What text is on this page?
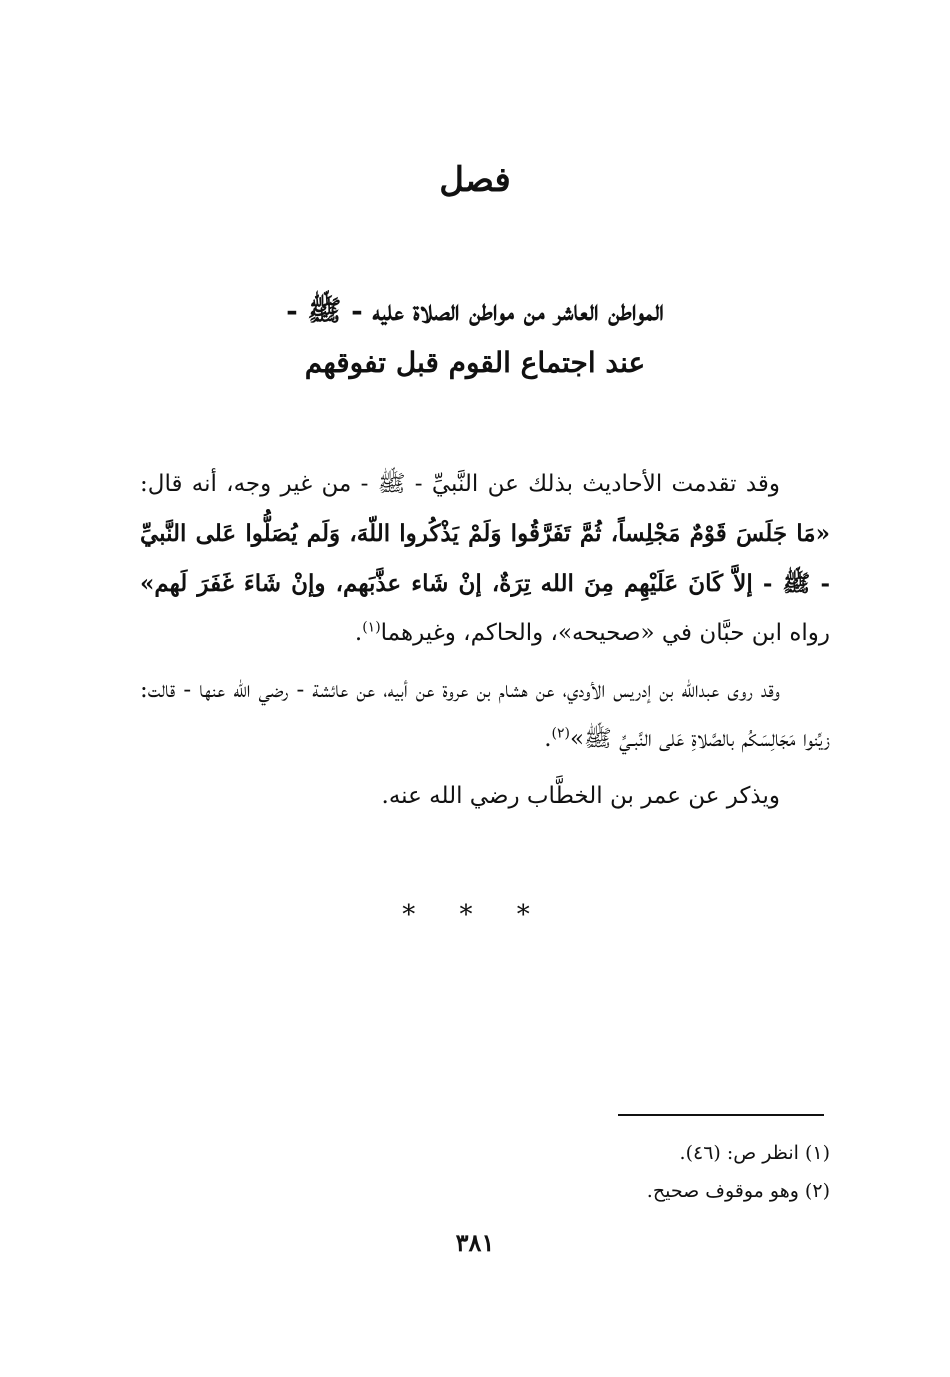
فصل
المواطن العاشر من مواطن الصلاة عليه - ﷺ -
عند اجتماع القوم قبل تفوقهم

وقد تقدمت الأحاديث بذلك عن النَّبيِّ - ﷺ - من غير وجه، أنه قال: «مَا جَلَسَ قَوْمٌ مَجْلِساً، ثُمَّ تَفَرَّقُوا وَلَمْ يَذْكُروا اللّهَ، وَلَم يُصَلُّوا عَلى النَّبيِّ - ﷺ - إلاَّ كَانَ عَلَيْهِم مِنَ الله تِرَةٌ، إنْ شَاء عذَّبَهم، وإنْ شَاءَ غَفَرَ لَهم» رواه ابن حبَّان في «صحيحه»، والحاكم، وغيرهما$^{(١)}$.

وقد روى عبدالله بن إدريس الأودي، عن هشام بن عروة عن أبيه، عن عائشة - رضي الله عنها - قالت: زيِّنوا مَجَالِسَكُم بالصَّلاةِ عَلى النَّبـيِّ ﷺ»$^{(٢)}$.

ويذكر عن عمر بن الخطَّاب رضي الله عنه.

* * *
(١) انظر ص: (٤٦).
(٢) وهو موقوف صحيح.
٣٨١
